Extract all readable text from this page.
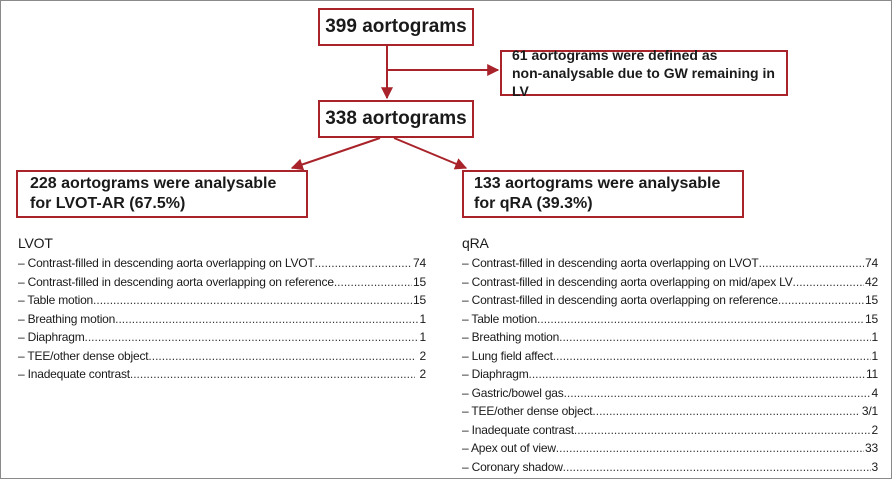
399 aortograms
61 aortograms were defined as
non-analysable due to GW remaining in LV
338 aortograms
228 aortograms were analysable
for LVOT-AR (67.5%)
133 aortograms were analysable
for qRA (39.3%)
LVOT
– Contrast-filled in descending aorta overlapping on LVOT .....	74
– Contrast-filled in descending aorta overlapping on reference .....	15
– Table motion .....	15
– Breathing motion .....	1
– Diaphragm .....	1
– TEE/other dense object .....	2
– Inadequate contrast .....	2
qRA
– Contrast-filled in descending aorta overlapping on LVOT .....	74
– Contrast-filled in descending aorta overlapping on mid/apex LV .....	42
– Contrast-filled in descending aorta overlapping on reference .....	15
– Table motion .....	15
– Breathing motion .....	1
– Lung field affect .....	1
– Diaphragm .....	11
– Gastric/bowel gas .....	4
– TEE/other dense object .....	3/1
– Inadequate contrast .....	2
– Apex out of view .....	33
– Coronary shadow .....	3
